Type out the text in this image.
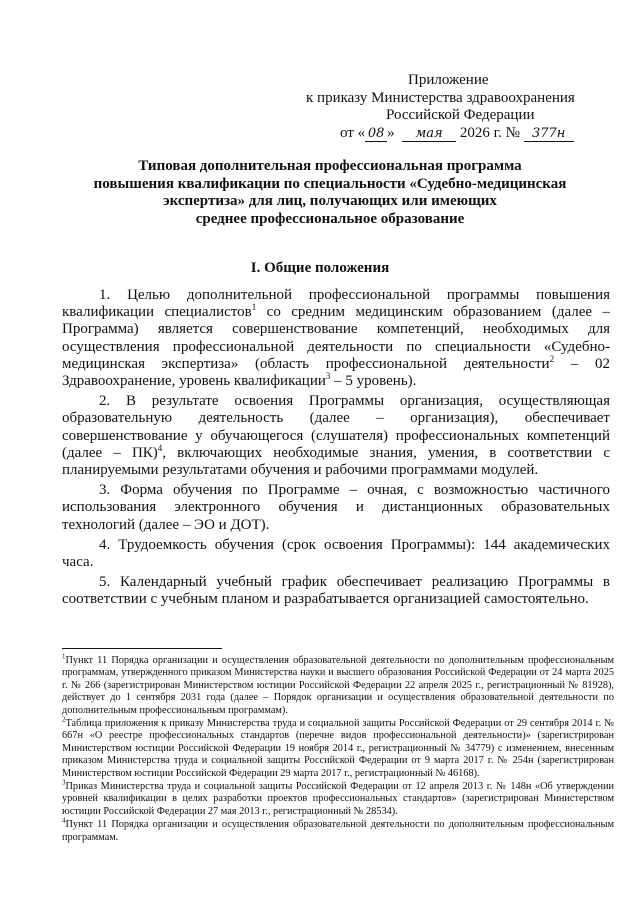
Приложение
к приказу Министерства здравоохранения
Российской Федерации
от « 08 » мая 2026 г. № 377н
Типовая дополнительная профессиональная программа
повышения квалификации по специальности «Судебно-медицинская
экспертиза» для лиц, получающих или имеющих
среднее профессиональное образование
I. Общие положения

1. Целью дополнительной профессиональной программы повышения квалификации специалистов$^1$ со средним медицинским образованием (далее – Программа) является совершенствование компетенций, необходимых для осуществления профессиональной деятельности по специальности «Судебно-медицинская экспертиза» (область профессиональной деятельности$^2$ – 02 Здравоохранение, уровень квалификации$^3$ – 5 уровень).

2. В результате освоения Программы организация, осуществляющая образовательную деятельность (далее – организация), обеспечивает совершенствование у обучающегося (слушателя) профессиональных компетенций (далее – ПК)$^4$, включающих необходимые знания, умения, в соответствии с планируемыми результатами обучения и рабочими программами модулей.

3. Форма обучения по Программе – очная, с возможностью частичного использования электронного обучения и дистанционных образовательных технологий (далее – ЭО и ДОТ).

4. Трудоемкость обучения (срок освоения Программы): 144 академических часа.

5. Календарный учебный график обеспечивает реализацию Программы в соответствии с учебным планом и разрабатывается организацией самостоятельно.

$^1$Пункт 11 Порядка организации и осуществления образовательной деятельности по дополнительным профессиональным программам, утвержденного приказом Министерства науки и высшего образования Российской Федерации от 24 марта 2025 г. № 266 (зарегистрирован Министерством юстиции Российской Федерации 22 апреля 2025 г., регистрационный № 81928), действует до 1 сентября 2031 года (далее – Порядок организации и осуществления образовательной деятельности по дополнительным профессиональным программам).

$^2$Таблица приложения к приказу Министерства труда и социальной защиты Российской Федерации от 29 сентября 2014 г. № 667н «О реестре профессиональных стандартов (перечне видов профессиональной деятельности)» (зарегистрирован Министерством юстиции Российской Федерации 19 ноября 2014 г., регистрационный № 34779) с изменением, внесенным приказом Министерства труда и социальной защиты Российской Федерации от 9 марта 2017 г. № 254н (зарегистрирован Министерством юстиции Российской Федерации 29 марта 2017 г., регистрационный № 46168).

$^3$Приказ Министерства труда и социальной защиты Российской Федерации от 12 апреля 2013 г. № 148н «Об утверждении уровней квалификации в целях разработки проектов профессиональных стандартов» (зарегистрирован Министерством юстиции Российской Федерации 27 мая 2013 г., регистрационный № 28534).

$^4$Пункт 11 Порядка организации и осуществления образовательной деятельности по дополнительным профессиональным программам.
